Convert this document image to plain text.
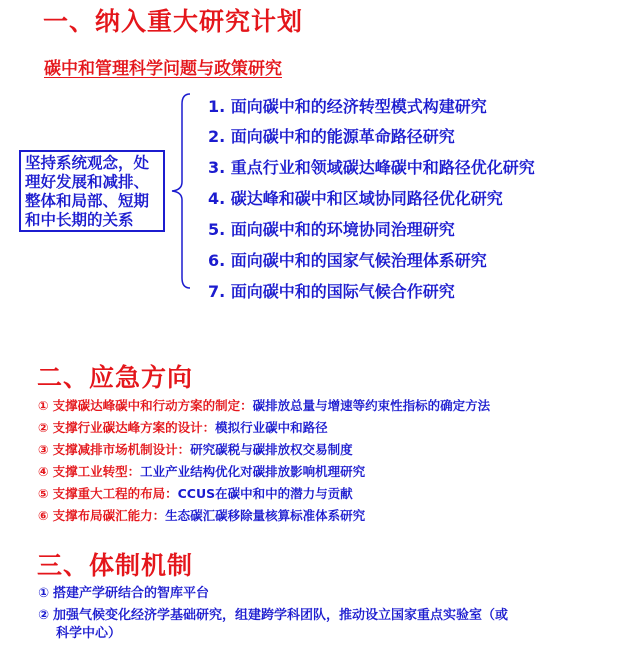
一、纳入重大研究计划
碳中和管理科学问题与政策研究
坚持系统观念，处
理好发展和减排、
整体和局部、短期
和中长期的关系
1. 面向碳中和的经济转型模式构建研究
2. 面向碳中和的能源革命路径研究
3. 重点行业和领域碳达峰碳中和路径优化研究
4. 碳达峰和碳中和区域协同路径优化研究
5. 面向碳中和的环境协同治理研究
6. 面向碳中和的国家气候治理体系研究
7. 面向碳中和的国际气候合作研究
二、应急方向
① 支撑碳达峰碳中和行动方案的制定：碳排放总量与增速等约束性指标的确定方法
② 支撑行业碳达峰方案的设计：模拟行业碳中和路径
③ 支撑减排市场机制设计：研究碳税与碳排放权交易制度
④ 支撑工业转型：工业产业结构优化对碳排放影响机理研究
⑤ 支撑重大工程的布局：CCUS在碳中和中的潜力与贡献
⑥ 支撑布局碳汇能力：生态碳汇碳移除量核算标准体系研究
三、体制机制
① 搭建产学研结合的智库平台
② 加强气候变化经济学基础研究，组建跨学科团队，推动设立国家重点实验室（或
科学中心）
